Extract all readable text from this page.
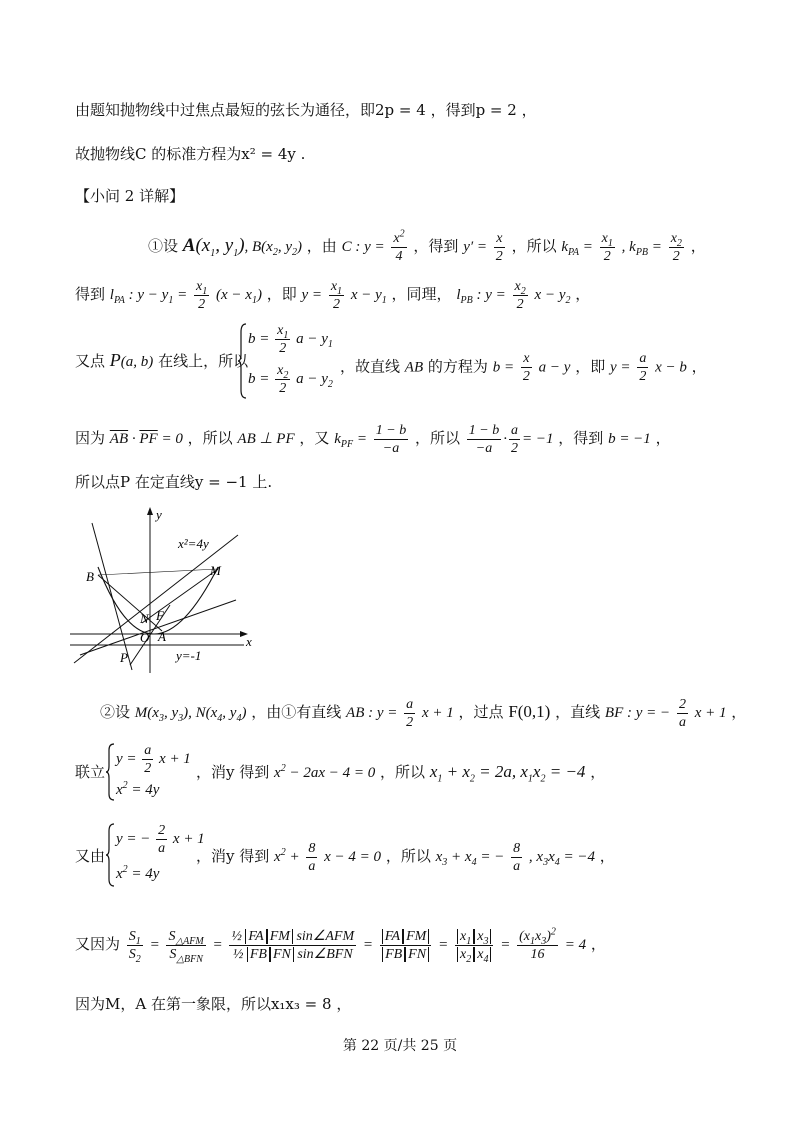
由题知抛物线中过焦点最短的弦长为通径，即2p = 4 ，得到p = 2 ，
故抛物线C 的标准方程为x² = 4y .
【小问 2 详解】
①设 $A(x_1$, $y_1$), $B(x_2$, $y_2$) ，由 C : $y = \frac{x^2}{4}$ ，得到 $y' = \frac{x}{2}$ ，所以 $k_{PA} = \frac{x_1}{2}$ , $k_{PB} = \frac{x_2}{2}$ ，
得到 $l_{PA}$ : $y - y_1 = \frac{x_1}{2} (x - x_1)$ ，即 $y = \frac{x_1}{2}$ $x - y_1$ ，同理， $l_{PB}$ : $y = \frac{x_2}{2}$ $x - y_2$ ，
又点 P(a, b) 在线上，所以
$b = \frac{x_1}{2}$ $a - y_1$
$b = \frac{x_2}{2}$ $a - y_2$
，故直线 AB 的方程为 $b = \frac{x}{2}$ a − y ，即 $y = \frac{a}{2}$ x − b ，
因为 $\overline{AB} \cdot \overline{PF} = 0$ ，所以 AB ⊥ PF ，又 $k_{PF} = \frac{1 - b}{-a}$ ，所以 $\frac{1 - b}{-a} \cdot \frac{a}{2} = -1$ ，得到 b = −1 ，
所以点P 在定直线y = −1 上.
y
x
x²=4y
B	M
N F
O A
P	y=-1
②设 $M(x_3$, $y_3$), $N(x_4$, $y_4$) ，由①有直线 AB : $y = \frac{a}{2}$ x + 1 ，过点 F(0,1) ，直线 BF : y = − $\frac{2}{a}$ x + 1 ，
联立
$y = \frac{a}{2}$ x + 1
$x^2 = 4y$
，消y 得到 $x^2 - 2ax - 4 = 0$ ，所以 $x_1 + x_2 = 2a$, $x_1x_2 = -4$ ，
又由
y = − $\frac{2}{a}$ x + 1
$x^2 = 4y$
，消y 得到 $x^2 + \frac{8}{a}$ x − 4 = 0 ，所以 $x_3 + x_4$ = − $\frac{8}{a}$ , $x_3x_4 = -4$ ，
又因为 $\frac{S_1}{S_2} = \frac{S_{\triangle AFM}}{S_{\triangle BFN}} = \frac{\text{½ FA FM sin∠AFM}}{\text{½ FB FN sin∠BFN}} = \frac{\text{FA FM}}{\text{FB FN}} = \frac{x_1 x_3}{x_2 x_4} = \frac{(x_1x_3)^2}{16} = 4$ ，
因为M，A 在第一象限，所以x₁x₃ = 8 ，
第 22 页/共 25 页
